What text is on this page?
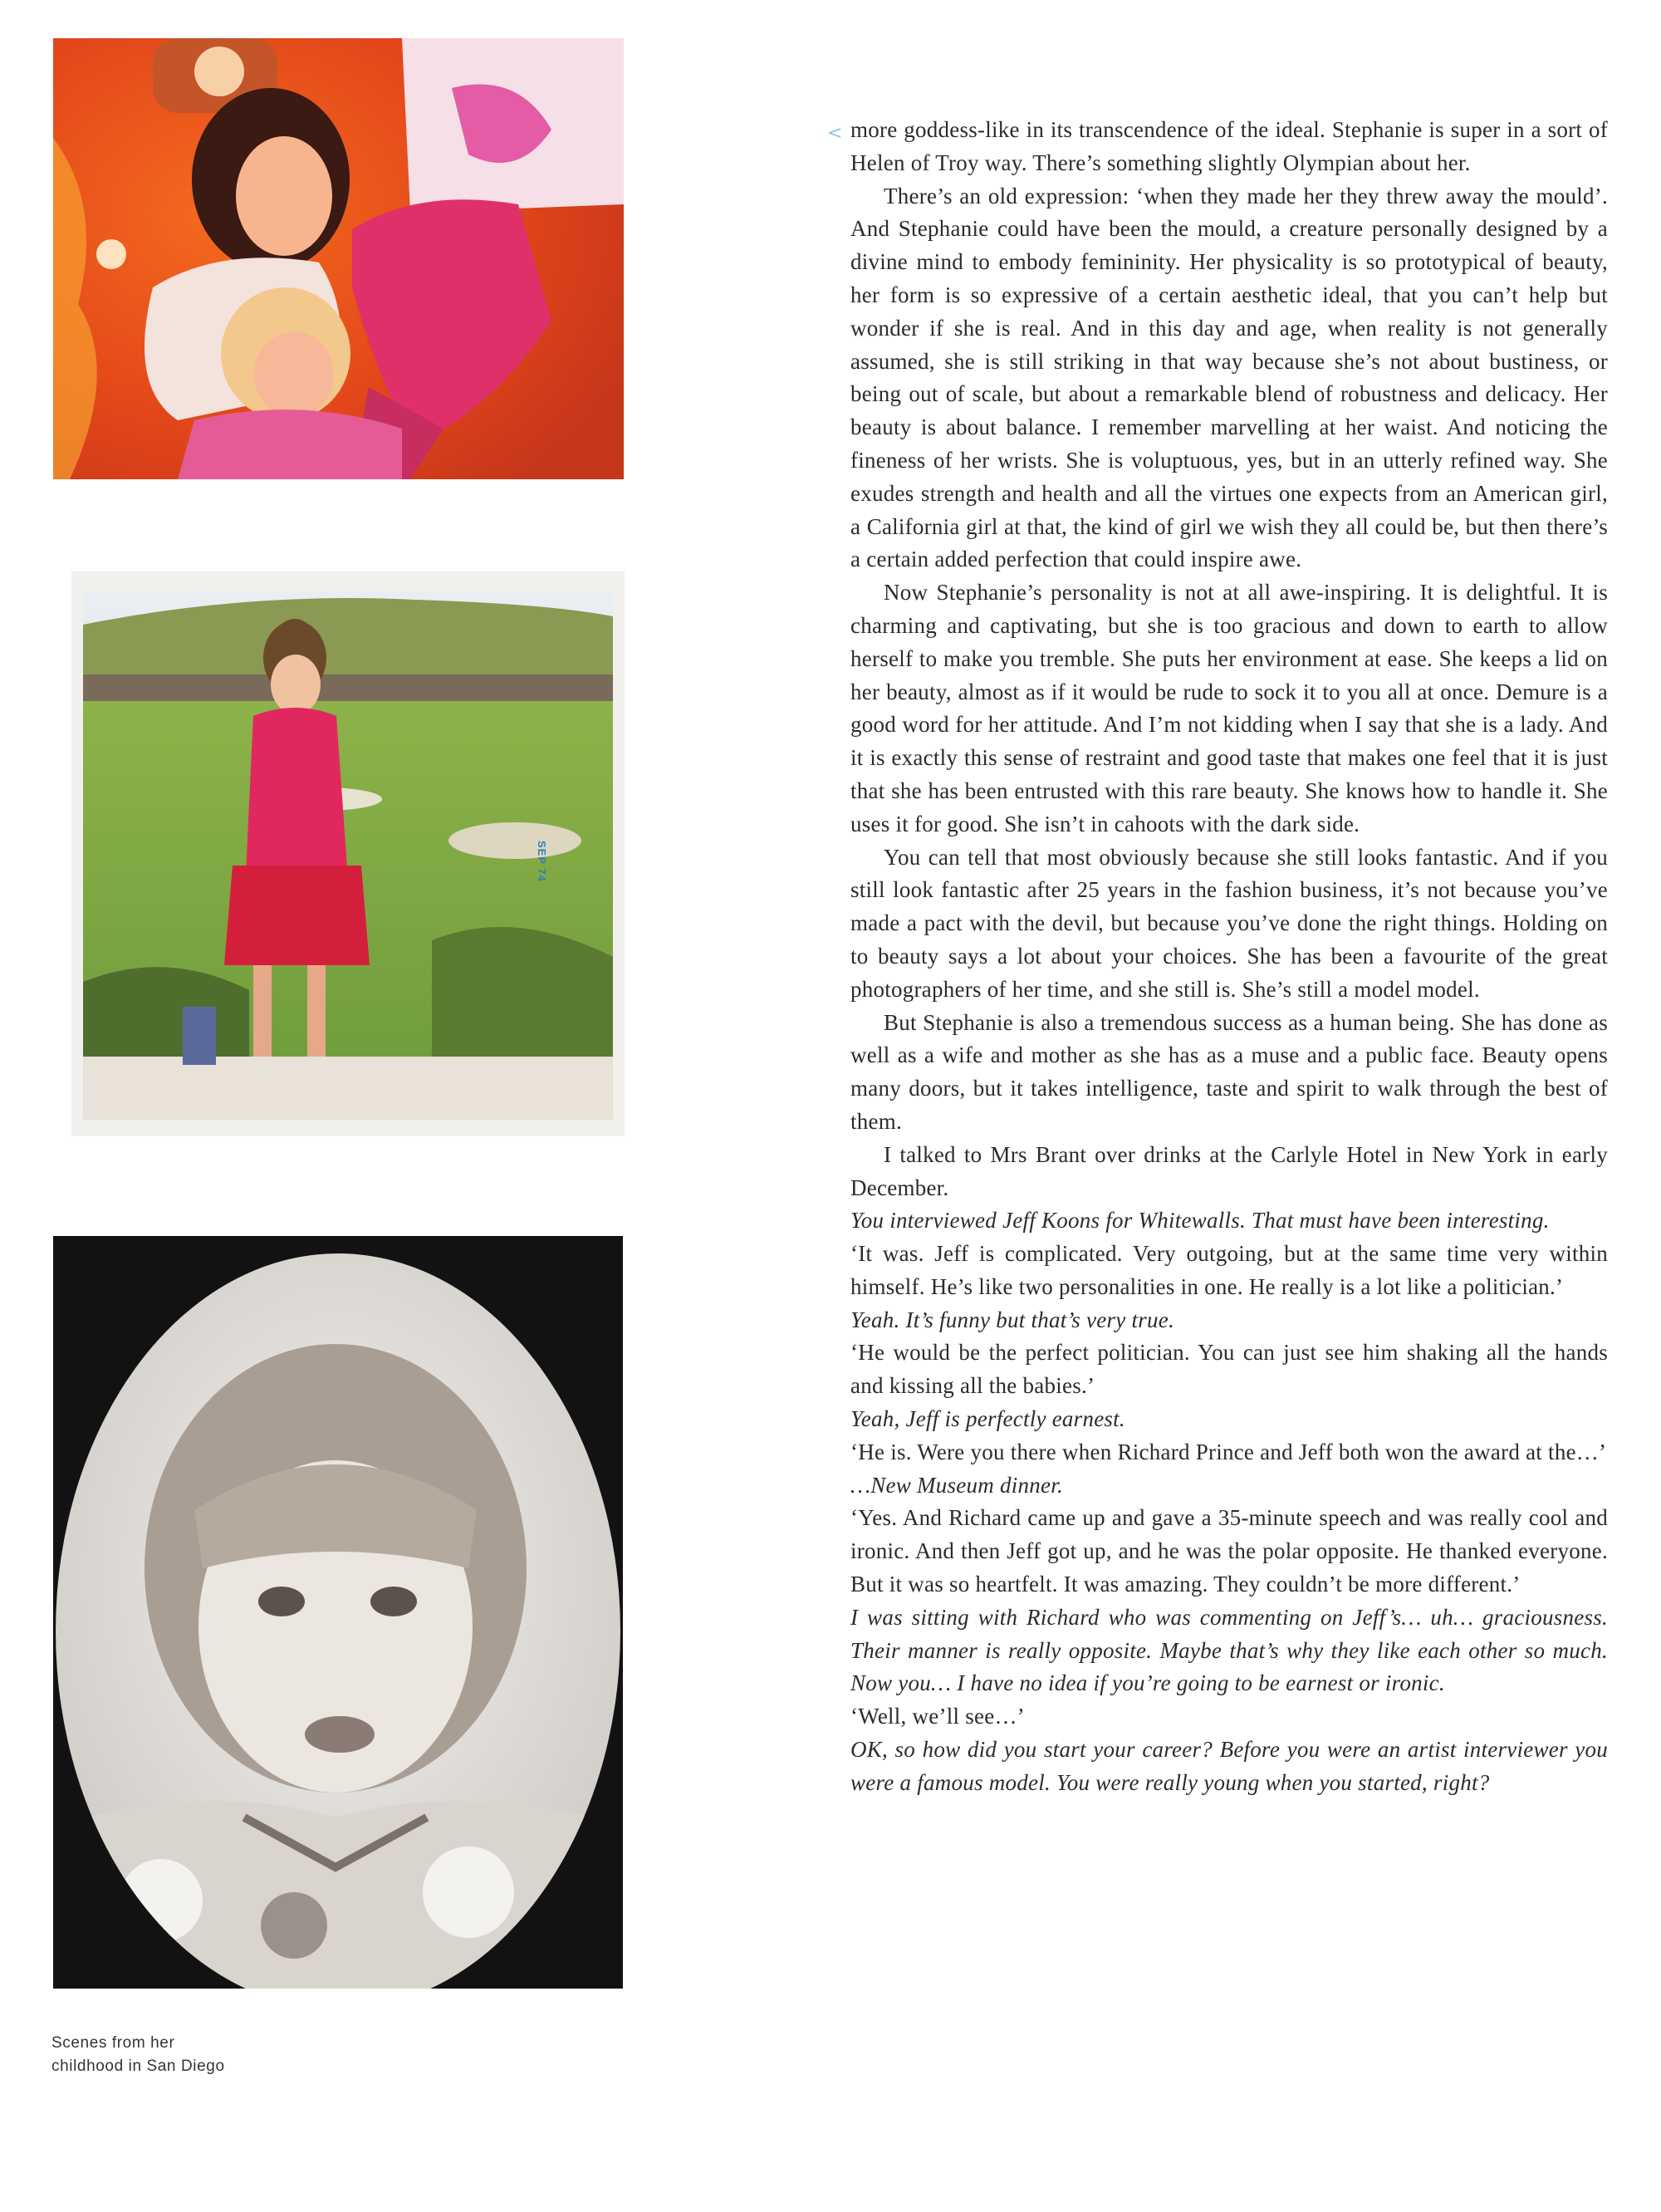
SEP 74

Scenes from her

childhood in San Diego

< more goddess-like in its transcendence of the ideal. Stephanie is super in a sort of Helen of Troy way. There’s something slightly Olympian about her.

There’s an old expression: ‘when they made her they threw away the mould’. And Stephanie could have been the mould, a creature personally designed by a divine mind to embody femininity. Her physicality is so prototypical of beauty, her form is so expressive of a certain aesthetic ideal, that you can’t help but wonder if she is real. And in this day and age, when reality is not generally assumed, she is still striking in that way because she’s not about bustiness, or being out of scale, but about a remarkable blend of robustness and delicacy. Her beauty is about balance. I remember marvelling at her waist. And noticing the fineness of her wrists. She is voluptuous, yes, but in an utterly refined way. She exudes strength and health and all the virtues one expects from an American girl, a California girl at that, the kind of girl we wish they all could be, but then there’s a certain added perfection that could inspire awe.

Now Stephanie’s personality is not at all awe-inspiring. It is delightful. It is charming and captivating, but she is too gracious and down to earth to allow herself to make you tremble. She puts her environment at ease. She keeps a lid on her beauty, almost as if it would be rude to sock it to you all at once. Demure is a good word for her attitude. And I’m not kidding when I say that she is a lady. And it is exactly this sense of restraint and good taste that makes one feel that it is just that she has been entrusted with this rare beauty. She knows how to handle it. She uses it for good. She isn’t in cahoots with the dark side.

You can tell that most obviously because she still looks fantastic. And if you still look fantastic after 25 years in the fashion business, it’s not because you’ve made a pact with the devil, but because you’ve done the right things. Holding on to beauty says a lot about your choices. She has been a favourite of the great photographers of her time, and she still is. She’s still a model model.

But Stephanie is also a tremendous success as a human being. She has done as well as a wife and mother as she has as a muse and a public face. Beauty opens many doors, but it takes intelligence, taste and spirit to walk through the best of them.

I talked to Mrs Brant over drinks at the Carlyle Hotel in New York in early December.

You interviewed Jeff Koons for Whitewalls. That must have been interesting.

‘It was. Jeff is complicated. Very outgoing, but at the same time very within himself. He’s like two personalities in one. He really is a lot like a politician.’

Yeah. It’s funny but that’s very true.

‘He would be the perfect politician. You can just see him shaking all the hands and kissing all the babies.’

Yeah, Jeff is perfectly earnest.

‘He is. Were you there when Richard Prince and Jeff both won the award at the…’

…New Museum dinner.

‘Yes. And Richard came up and gave a 35-minute speech and was really cool and ironic. And then Jeff got up, and he was the polar opposite. He thanked everyone. But it was so heartfelt. It was amazing. They couldn’t be more different.’

I was sitting with Richard who was commenting on Jeff’s… uh… graciousness. Their manner is really opposite. Maybe that’s why they like each other so much. Now you… I have no idea if you’re going to be earnest or ironic.

‘Well, we’ll see…’

OK, so how did you start your career? Before you were an artist interviewer you were a famous model. You were really young when you started, right?
